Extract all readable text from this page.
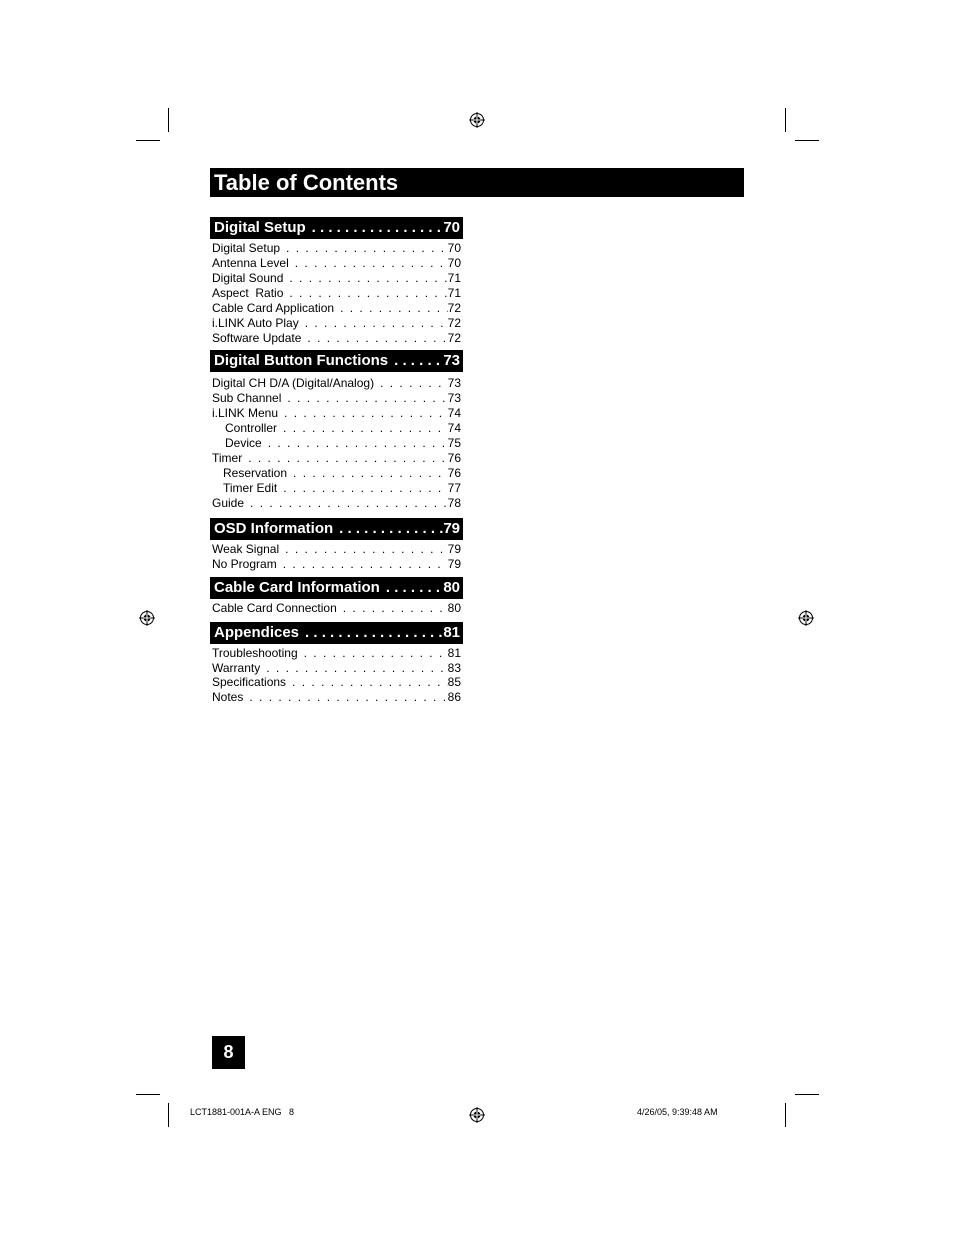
Table of Contents
Digital Setup . . .	70
Digital Setup . . .	70
Antenna Level . . .	70
Digital Sound . . .	71
Aspect  Ratio . . .	71
Cable Card Application . . .	72
i.LINK Auto Play . . .	72
Software Update . . .	72
Digital Button Functions . . .	73
Digital CH D/A (Digital/Analog) . . .	73
Sub Channel . . .	73
i.LINK Menu . . .	74
Controller . . .	74
Device . . .	75
Timer . . .	76
Reservation . . .	76
Timer Edit . . .	77
Guide . . .	78
OSD Information . . .	79
Weak Signal . . .	79
No Program . . .	79
Cable Card Information . . .	80
Cable Card Connection . . .	80
Appendices . . .	81
Troubleshooting . . .	81
Warranty . . .	83
Specifications . . .	85
Notes . . .	86
8
LCT1881-001A-A ENG   8	4/26/05, 9:39:48 AM
